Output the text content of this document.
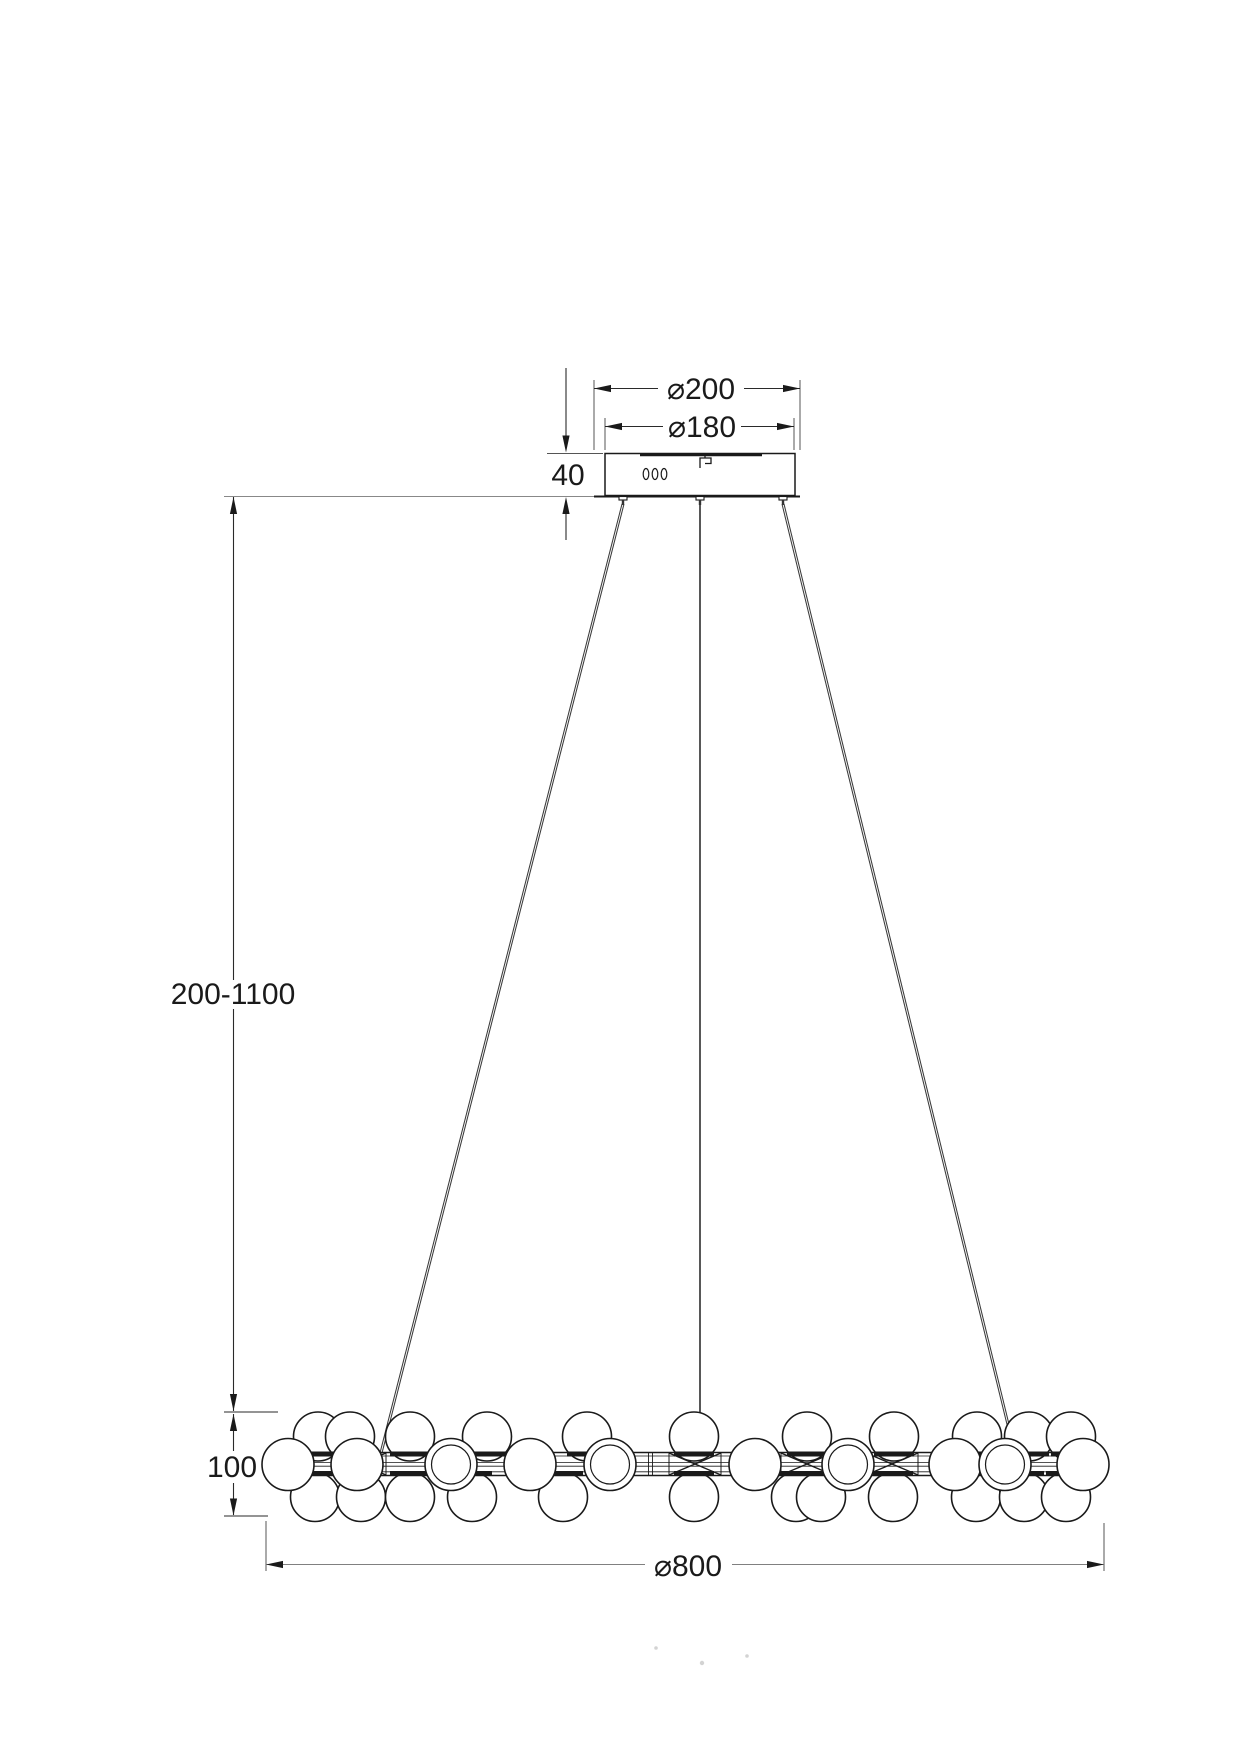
⌀200
⌀180
40
200-1100
100
⌀800
